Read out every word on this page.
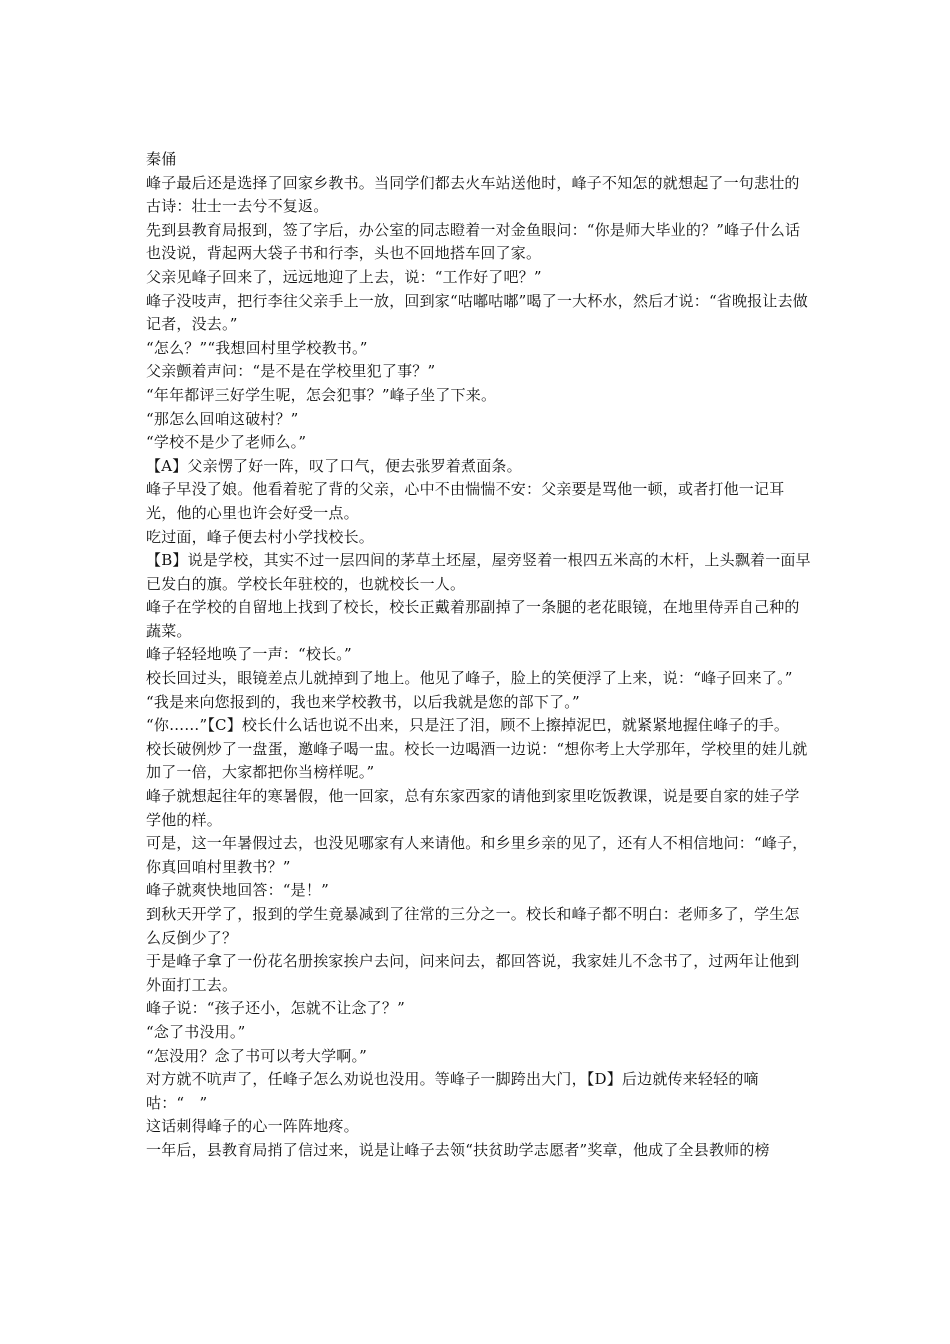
秦俑

峰子最后还是选择了回家乡教书。当同学们都去火车站送他时，峰子不知怎的就想起了一句悲壮的古诗：壮士一去兮不复返。

先到县教育局报到，签了字后，办公室的同志瞪着一对金鱼眼问：“你是师大毕业的？”峰子什么话也没说，背起两大袋子书和行李，头也不回地搭车回了家。

父亲见峰子回来了，远远地迎了上去，说：“工作好了吧？”

峰子没吱声，把行李往父亲手上一放，回到家“咕嘟咕嘟”喝了一大杯水，然后才说：“省晚报让去做记者，没去。”

“怎么？”“我想回村里学校教书。”

父亲颤着声问：“是不是在学校里犯了事？”

“年年都评三好学生呢，怎会犯事？”峰子坐了下来。

“那怎么回咱这破村？”

“学校不是少了老师么。”

【A】父亲愣了好一阵，叹了口气，便去张罗着煮面条。

峰子早没了娘。他看着驼了背的父亲，心中不由惴惴不安：父亲要是骂他一顿，或者打他一记耳光，他的心里也许会好受一点。

吃过面，峰子便去村小学找校长。

【B】说是学校，其实不过一层四间的茅草土坯屋，屋旁竖着一根四五米高的木杆，上头飘着一面早已发白的旗。学校长年驻校的，也就校长一人。

峰子在学校的自留地上找到了校长，校长正戴着那副掉了一条腿的老花眼镜，在地里侍弄自己种的蔬菜。

峰子轻轻地唤了一声：“校长。”

校长回过头，眼镜差点儿就掉到了地上。他见了峰子，脸上的笑便浮了上来，说：“峰子回来了。”

“我是来向您报到的，我也来学校教书，以后我就是您的部下了。”

“你……”【C】校长什么话也说不出来，只是汪了泪，顾不上擦掉泥巴，就紧紧地握住峰子的手。

校长破例炒了一盘蛋，邀峰子喝一盅。校长一边喝酒一边说：“想你考上大学那年，学校里的娃儿就加了一倍，大家都把你当榜样呢。”

峰子就想起往年的寒暑假，他一回家，总有东家西家的请他到家里吃饭教课，说是要自家的娃子学学他的样。

可是，这一年暑假过去，也没见哪家有人来请他。和乡里乡亲的见了，还有人不相信地问：“峰子，你真回咱村里教书？”

峰子就爽快地回答：“是！”

到秋天开学了，报到的学生竟暴减到了往常的三分之一。校长和峰子都不明白：老师多了，学生怎么反倒少了？

于是峰子拿了一份花名册挨家挨户去问，问来问去，都回答说，我家娃儿不念书了，过两年让他到外面打工去。

峰子说：“孩子还小，怎就不让念了？”

“念了书没用。”

“怎没用？念了书可以考大学啊。”

对方就不吭声了，任峰子怎么劝说也没用。等峰子一脚跨出大门，【D】后边就传来轻轻的嘀咕：“　”

这话刺得峰子的心一阵阵地疼。

一年后，县教育局捎了信过来，说是让峰子去领“扶贫助学志愿者”奖章，他成了全县教师的榜
